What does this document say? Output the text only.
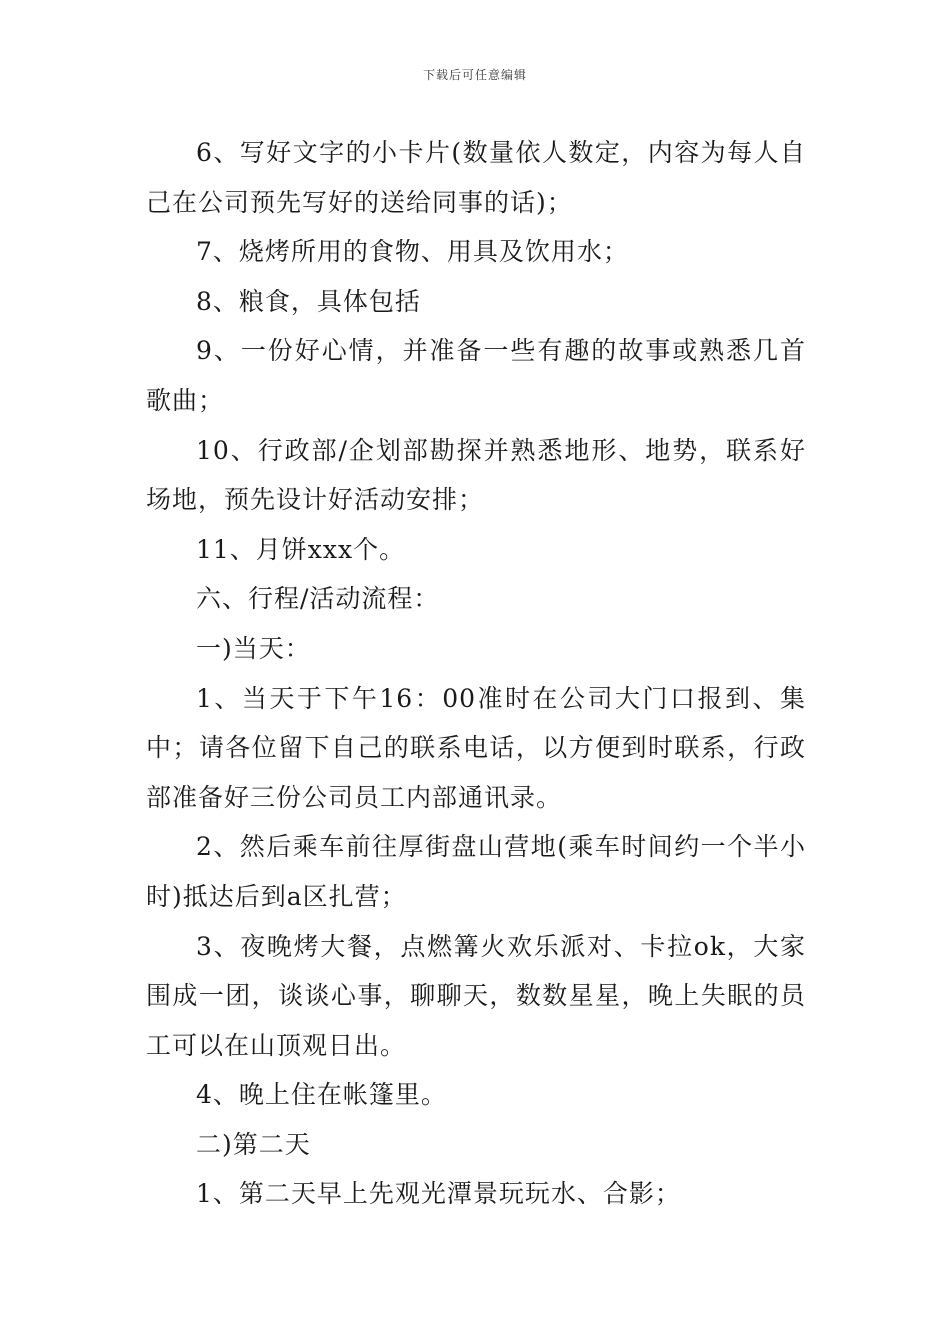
下载后可任意编辑

6、写好文字的小卡片(数量依人数定，内容为每人自己在公司预先写好的送给同事的话)；

7、烧烤所用的食物、用具及饮用水；

8、粮食，具体包括

9、一份好心情，并准备一些有趣的故事或熟悉几首歌曲；

10、行政部/企划部勘探并熟悉地形、地势，联系好场地，预先设计好活动安排；

11、月饼xxx个。

六、行程/活动流程：

一)当天：

1、当天于下午16：00准时在公司大门口报到、集中；请各位留下自己的联系电话，以方便到时联系，行政部准备好三份公司员工内部通讯录。

2、然后乘车前往厚街盘山营地(乘车时间约一个半小时)抵达后到a区扎营；

3、夜晚烤大餐，点燃篝火欢乐派对、卡拉ok，大家围成一团，谈谈心事，聊聊天，数数星星，晚上失眠的员工可以在山顶观日出。

4、晚上住在帐篷里。

二)第二天

1、第二天早上先观光潭景玩玩水、合影；
